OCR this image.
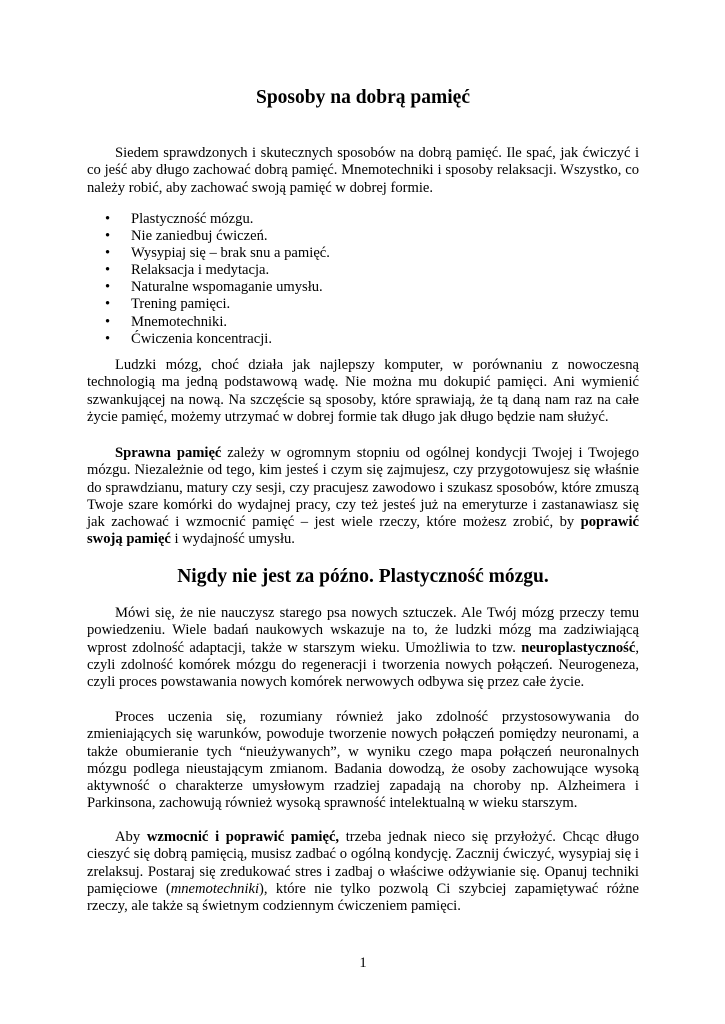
Sposoby na dobrą pamięć

Siedem sprawdzonych i skutecznych sposobów na dobrą pamięć. Ile spać, jak ćwiczyć i co jeść aby długo zachować dobrą pamięć. Mnemotechniki i sposoby relaksacji. Wszystko, co należy robić, aby zachować swoją pamięć w dobrej formie.

• Plastyczność mózgu.
• Nie zaniedbuj ćwiczeń.
• Wysypiaj się – brak snu a pamięć.
• Relaksacja i medytacja.
• Naturalne wspomaganie umysłu.
• Trening pamięci.
• Mnemotechniki.
• Ćwiczenia koncentracji.

Ludzki mózg, choć działa jak najlepszy komputer, w porównaniu z nowoczesną technologią ma jedną podstawową wadę. Nie można mu dokupić pamięci. Ani wymienić szwankującej na nową. Na szczęście są sposoby, które sprawiają, że tą daną nam raz na całe życie pamięć, możemy utrzymać w dobrej formie tak długo jak długo będzie nam służyć.

Sprawna pamięć zależy w ogromnym stopniu od ogólnej kondycji Twojej i Twojego mózgu. Niezależnie od tego, kim jesteś i czym się zajmujesz, czy przygotowujesz się właśnie do sprawdzianu, matury czy sesji, czy pracujesz zawodowo i szukasz sposobów, które zmuszą Twoje szare komórki do wydajnej pracy, czy też jesteś już na emeryturze i zastanawiasz się jak zachować i wzmocnić pamięć – jest wiele rzeczy, które możesz zrobić, by poprawić swoją pamięć i wydajność umysłu.

Nigdy nie jest za późno. Plastyczność mózgu.

Mówi się, że nie nauczysz starego psa nowych sztuczek. Ale Twój mózg przeczy temu powiedzeniu. Wiele badań naukowych wskazuje na to, że ludzki mózg ma zadziwiającą wprost zdolność adaptacji, także w starszym wieku. Umożliwia to tzw. neuroplastyczność, czyli zdolność komórek mózgu do regeneracji i tworzenia nowych połączeń. Neurogeneza, czyli proces powstawania nowych komórek nerwowych odbywa się przez całe życie.

Proces uczenia się, rozumiany również jako zdolność przystosowywania do zmieniających się warunków, powoduje tworzenie nowych połączeń pomiędzy neuronami, a także obumieranie tych “nieużywanych”, w wyniku czego mapa połączeń neuronalnych mózgu podlega nieustającym zmianom. Badania dowodzą, że osoby zachowujące wysoką aktywność o charakterze umysłowym rzadziej zapadają na choroby np. Alzheimera i Parkinsona, zachowują również wysoką sprawność intelektualną w wieku starszym.

Aby wzmocnić i poprawić pamięć, trzeba jednak nieco się przyłożyć. Chcąc długo cieszyć się dobrą pamięcią, musisz zadbać o ogólną kondycję. Zacznij ćwiczyć, wysypiaj się i zrelaksuj. Postaraj się zredukować stres i zadbaj o właściwe odżywianie się. Opanuj techniki pamięciowe (mnemotechniki), które nie tylko pozwolą Ci szybciej zapamiętywać różne rzeczy, ale także są świetnym codziennym ćwiczeniem pamięci.

1
